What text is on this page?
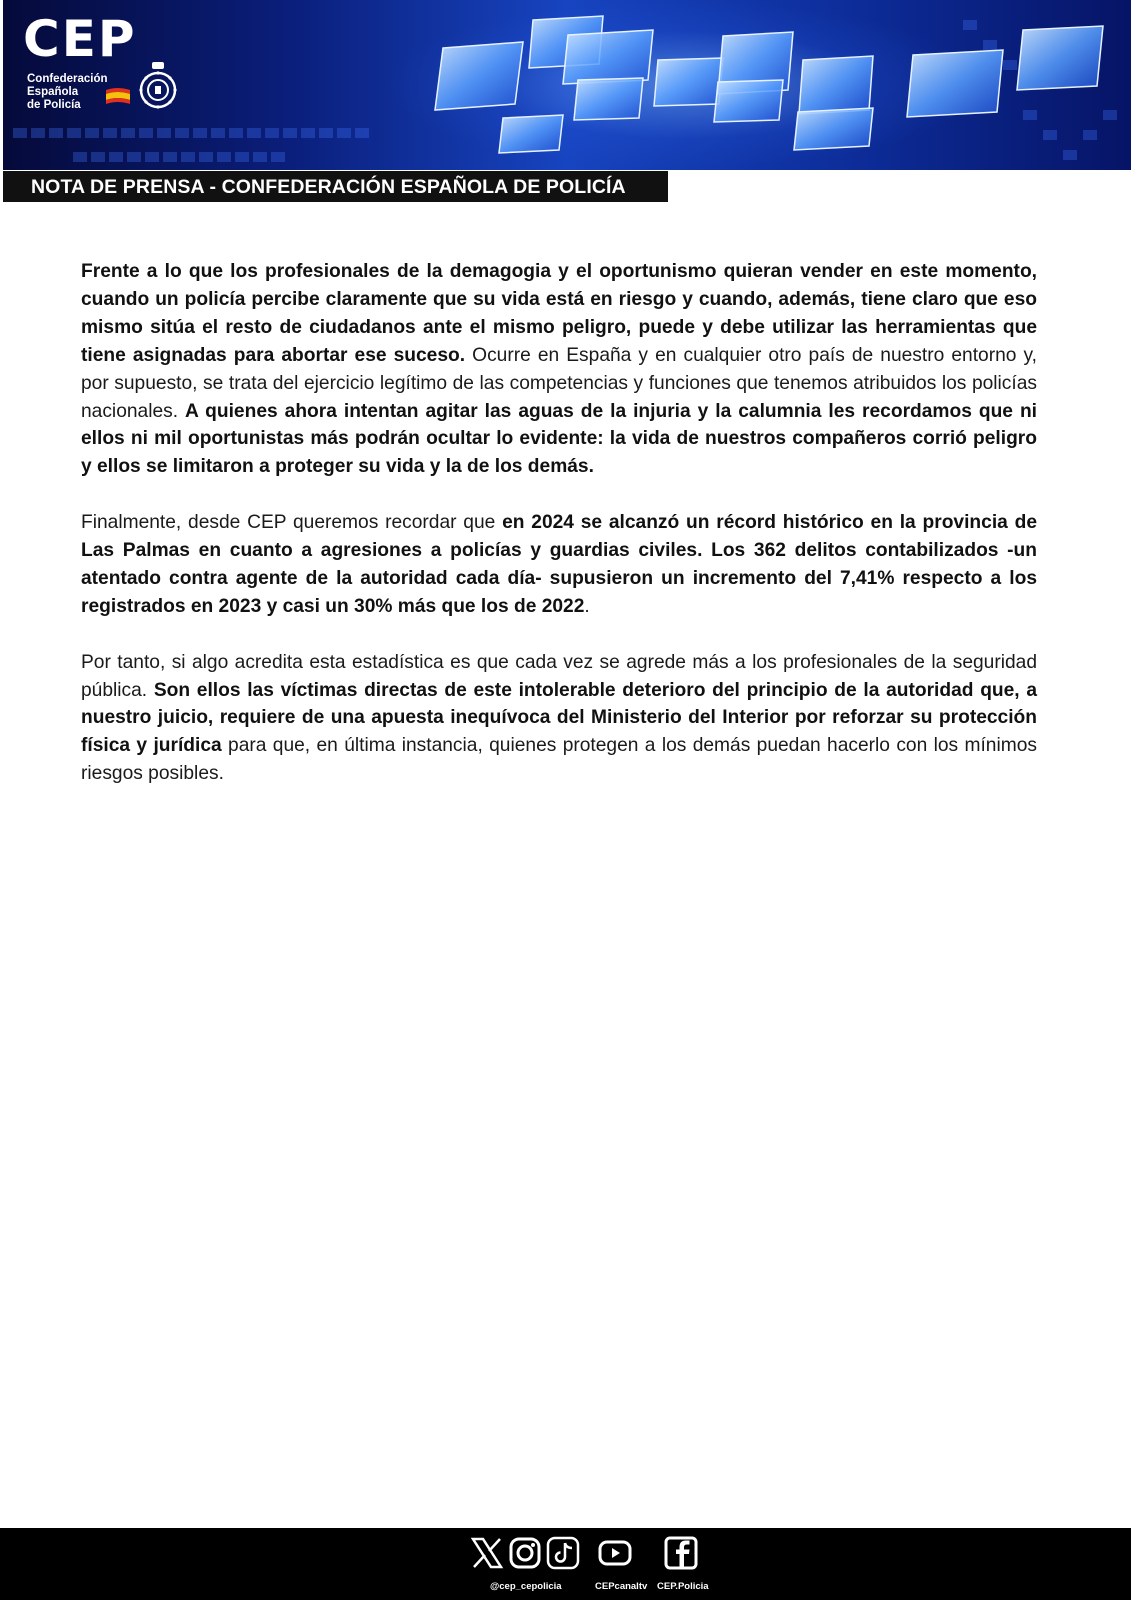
CEP
Confederación
Española
de Policía
NOTA DE PRENSA - CONFEDERACIÓN ESPAÑOLA DE POLICÍA

Frente a lo que los profesionales de la demagogia y el oportunismo quieran vender en este momento, cuando un policía percibe claramente que su vida está en riesgo y cuando, además, tiene claro que eso mismo sitúa el resto de ciudadanos ante el mismo peligro, puede y debe utilizar las herramientas que tiene asignadas para abortar ese suceso. Ocurre en España y en cualquier otro país de nuestro entorno y, por supuesto, se trata del ejercicio legítimo de las competencias y funciones que tenemos atribuidos los policías nacionales. A quienes ahora intentan agitar las aguas de la injuria y la calumnia les recordamos que ni ellos ni mil oportunistas más podrán ocultar lo evidente: la vida de nuestros compañeros corrió peligro y ellos se limitaron a proteger su vida y la de los demás.

Finalmente, desde CEP queremos recordar que en 2024 se alcanzó un récord histórico en la provincia de Las Palmas en cuanto a agresiones a policías y guardias civiles. Los 362 delitos contabilizados -un atentado contra agente de la autoridad cada día- supusieron un incremento del 7,41% respecto a los registrados en 2023 y casi un 30% más que los de 2022.

Por tanto, si algo acredita esta estadística es que cada vez se agrede más a los profesionales de la seguridad pública. Son ellos las víctimas directas de este intolerable deterioro del principio de la autoridad que, a nuestro juicio, requiere de una apuesta inequívoca del Ministerio del Interior por reforzar su protección física y jurídica para que, en última instancia, quienes protegen a los demás puedan hacerlo con los mínimos riesgos posibles.

@cep_cepolicia	CEPcanaltv CEP.Policia
